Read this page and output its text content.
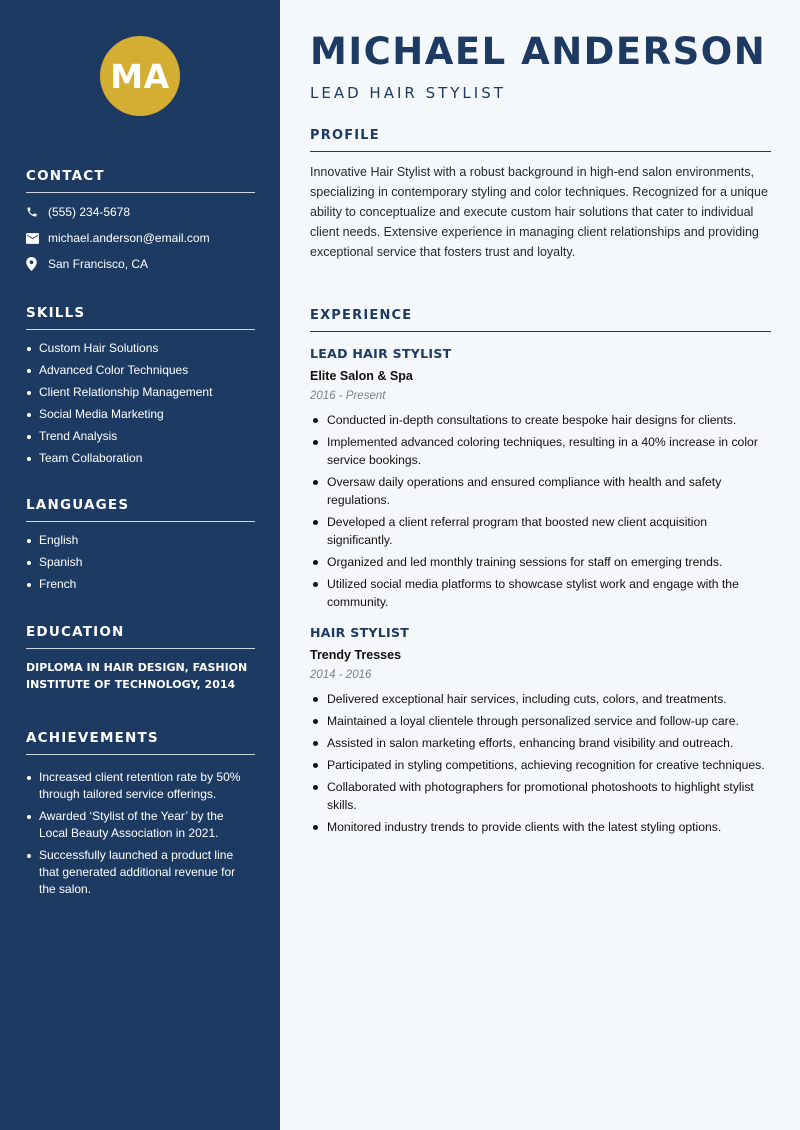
MA
CONTACT
(555) 234-5678
michael.anderson@email.com
San Francisco, CA
SKILLS
Custom Hair Solutions
Advanced Color Techniques
Client Relationship Management
Social Media Marketing
Trend Analysis
Team Collaboration
LANGUAGES
English
Spanish
French
EDUCATION
DIPLOMA IN HAIR DESIGN, FASHION
INSTITUTE OF TECHNOLOGY, 2014
ACHIEVEMENTS
Increased client retention rate by 50% through tailored service offerings.
Awarded ‘Stylist of the Year’ by the Local Beauty Association in 2021.
Successfully launched a product line that generated additional revenue for the salon.
MICHAEL ANDERSON
LEAD HAIR STYLIST
PROFILE

Innovative Hair Stylist with a robust background in high-end salon environments, specializing in contemporary styling and color techniques. Recognized for a unique ability to conceptualize and execute custom hair solutions that cater to individual client needs. Extensive experience in managing client relationships and providing exceptional service that fosters trust and loyalty.

EXPERIENCE
LEAD HAIR STYLIST
Elite Salon & Spa
2016 - Present
Conducted in-depth consultations to create bespoke hair designs for clients.
Implemented advanced coloring techniques, resulting in a 40% increase in color service bookings.
Oversaw daily operations and ensured compliance with health and safety regulations.
Developed a client referral program that boosted new client acquisition significantly.
Organized and led monthly training sessions for staff on emerging trends.
Utilized social media platforms to showcase stylist work and engage with the community.
HAIR STYLIST
Trendy Tresses
2014 - 2016
Delivered exceptional hair services, including cuts, colors, and treatments.
Maintained a loyal clientele through personalized service and follow-up care.
Assisted in salon marketing efforts, enhancing brand visibility and outreach.
Participated in styling competitions, achieving recognition for creative techniques.
Collaborated with photographers for promotional photoshoots to highlight stylist skills.
Monitored industry trends to provide clients with the latest styling options.
